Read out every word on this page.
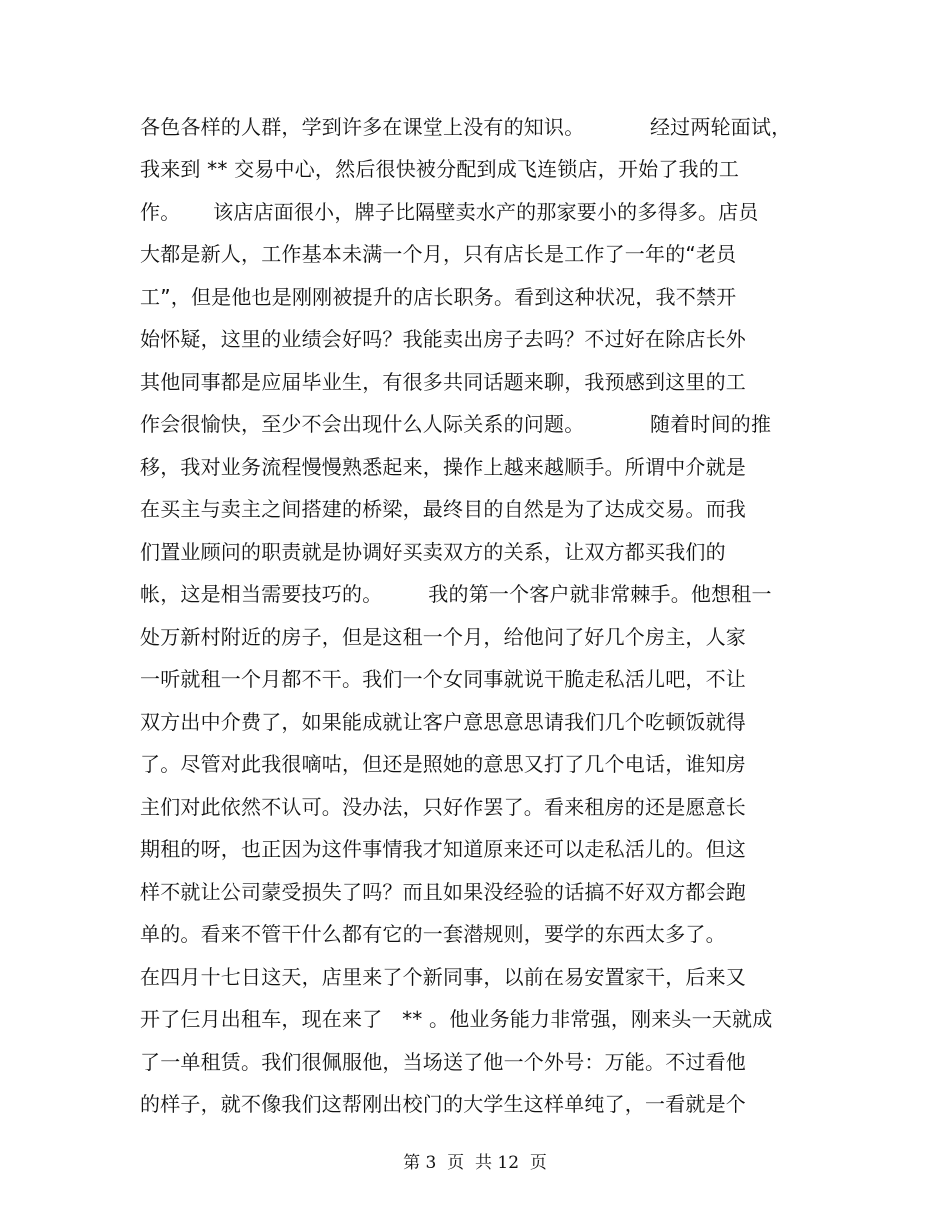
各色各样的人群，学到许多在课堂上没有的知识。          经过两轮面试，
我来到 ** 交易中心，然后很快被分配到成飞连锁店，开始了我的工
作。     该店店面很小，牌子比隔壁卖水产的那家要小的多得多。店员
大都是新人，工作基本未满一个月，只有店长是工作了一年的“老员
工”，但是他也是刚刚被提升的店长职务。看到这种状况，我不禁开
始怀疑，这里的业绩会好吗？我能卖出房子去吗？不过好在除店长外
其他同事都是应届毕业生，有很多共同话题来聊，我预感到这里的工
作会很愉快，至少不会出现什么人际关系的问题。          随着时间的推
移，我对业务流程慢慢熟悉起来，操作上越来越顺手。所谓中介就是
在买主与卖主之间搭建的桥梁，最终目的自然是为了达成交易。而我
们置业顾问的职责就是协调好买卖双方的关系，让双方都买我们的
帐，这是相当需要技巧的。       我的第一个客户就非常棘手。他想租一
处万新村附近的房子，但是这租一个月，给他问了好几个房主，人家
一听就租一个月都不干。我们一个女同事就说干脆走私活儿吧，不让
双方出中介费了，如果能成就让客户意思意思请我们几个吃顿饭就得
了。尽管对此我很嘀咕，但还是照她的意思又打了几个电话，谁知房
主们对此依然不认可。没办法，只好作罢了。看来租房的还是愿意长
期租的呀，也正因为这件事情我才知道原来还可以走私活儿的。但这
样不就让公司蒙受损失了吗？而且如果没经验的话搞不好双方都会跑
单的。看来不管干什么都有它的一套潜规则，要学的东西太多了。
在四月十七日这天，店里来了个新同事，以前在易安置家干，后来又
开了仨月出租车，现在来了   ** 。他业务能力非常强，刚来头一天就成
了一单租赁。我们很佩服他，当场送了他一个外号：万能。不过看他
的样子，就不像我们这帮刚出校门的大学生这样单纯了，一看就是个
第 3  页  共 12  页
